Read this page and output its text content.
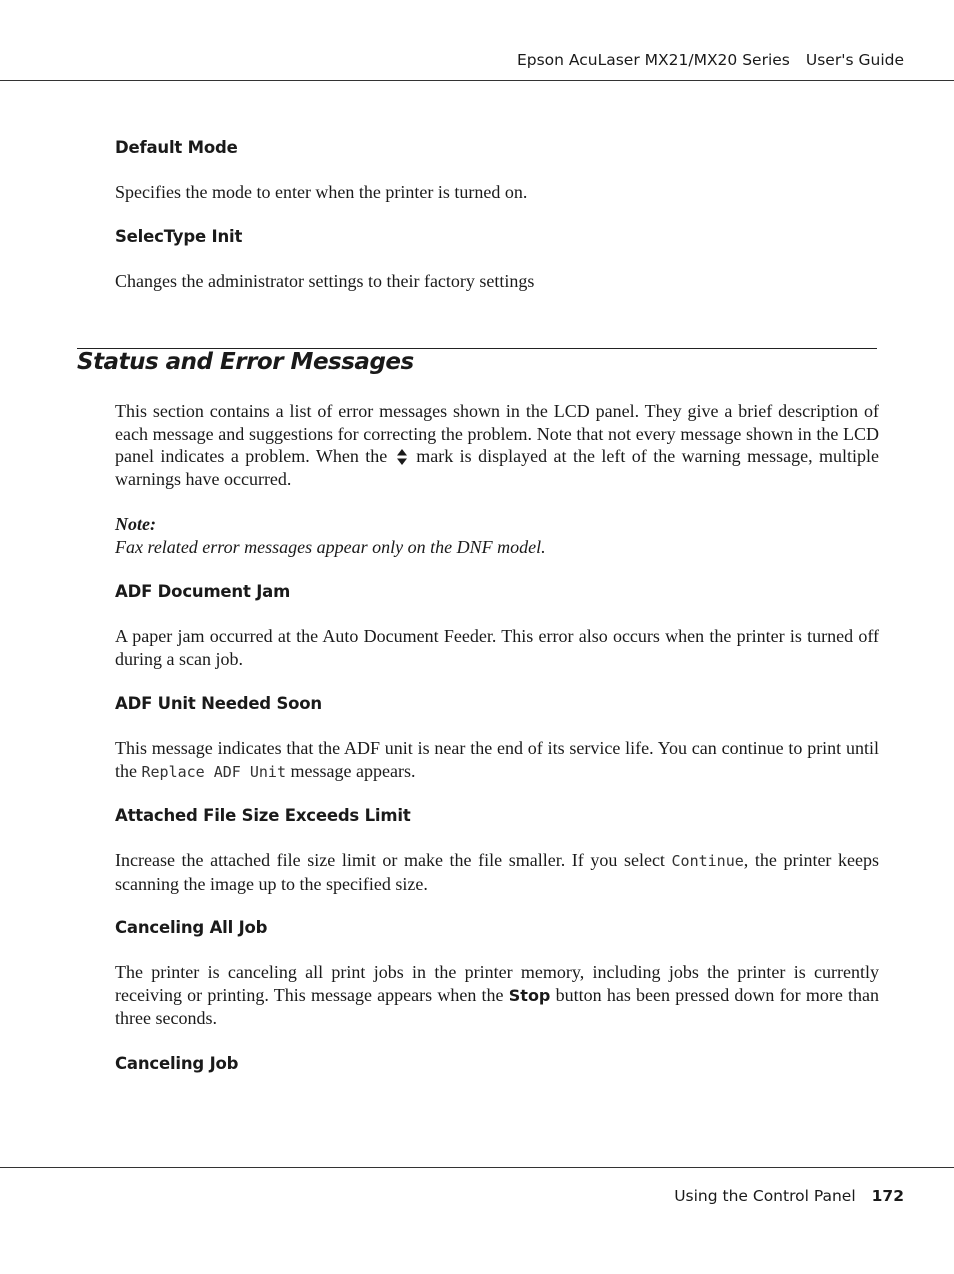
Epson AcuLaser MX21/MX20 Series User's Guide
Default Mode
Specifies the mode to enter when the printer is turned on.
SelecType Init
Changes the administrator settings to their factory settings
Status and Error Messages
This section contains a list of error messages shown in the LCD panel. They give a brief description of each message and suggestions for correcting the problem. Note that not every message shown in the LCD panel indicates a problem. When the mark is displayed at the left of the warning message, multiple warnings have occurred.
Note:
Fax related error messages appear only on the DNF model.
ADF Document Jam
A paper jam occurred at the Auto Document Feeder. This error also occurs when the printer is turned off during a scan job.
ADF Unit Needed Soon
This message indicates that the ADF unit is near the end of its service life. You can continue to print until the Replace ADF Unit message appears.
Attached File Size Exceeds Limit
Increase the attached file size limit or make the file smaller. If you select Continue, the printer keeps scanning the image up to the specified size.
Canceling All Job
The printer is canceling all print jobs in the printer memory, including jobs the printer is currently receiving or printing. This message appears when the Stop button has been pressed down for more than three seconds.
Canceling Job
Using the Control Panel 172
